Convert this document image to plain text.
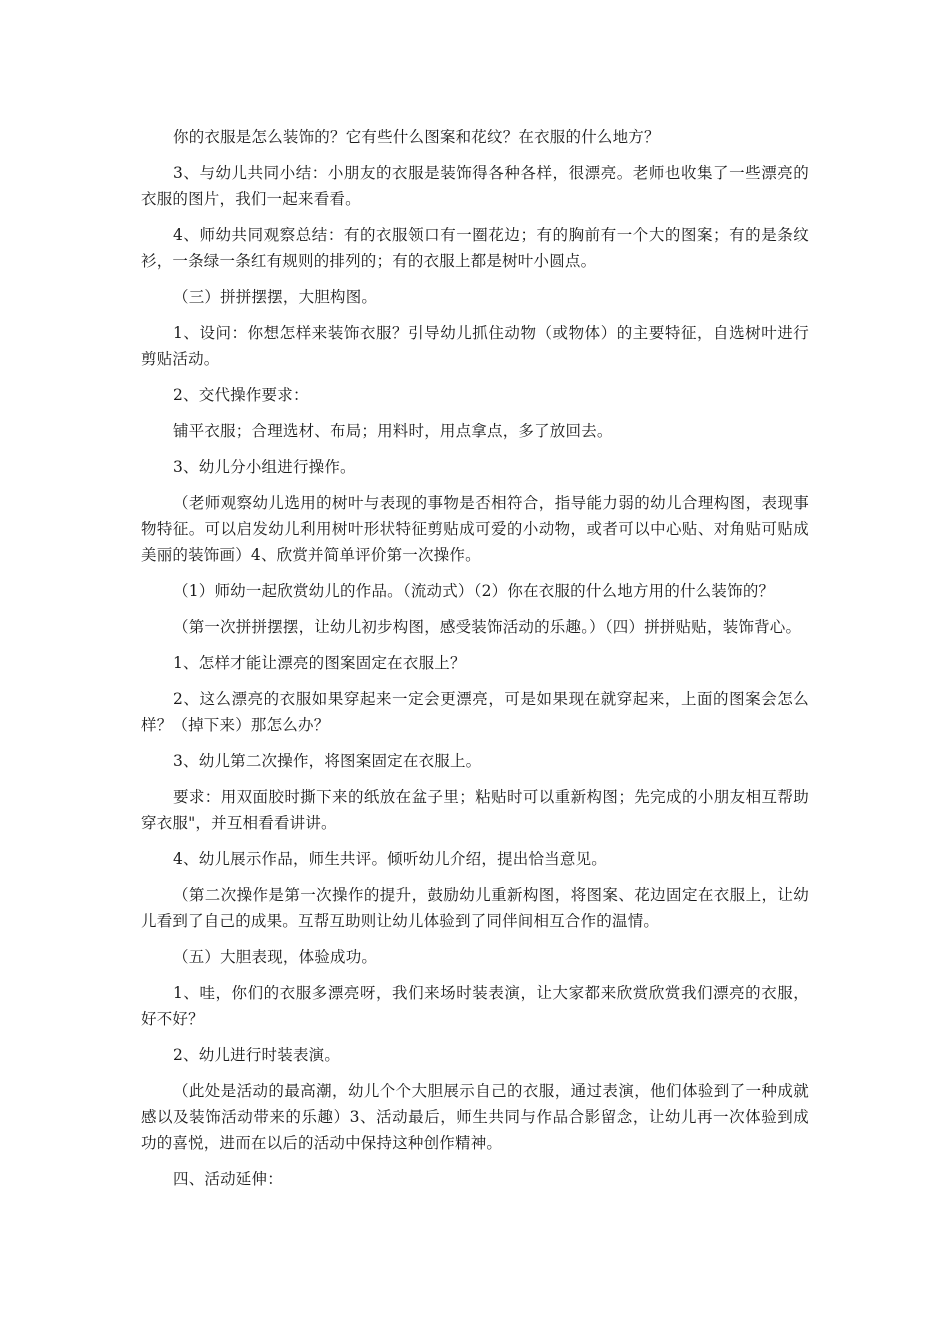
你的衣服是怎么装饰的？它有些什么图案和花纹？在衣服的什么地方？

3、与幼儿共同小结：小朋友的衣服是装饰得各种各样，很漂亮。老师也收集了一些漂亮的衣服的图片，我们一起来看看。

4、师幼共同观察总结：有的衣服领口有一圈花边；有的胸前有一个大的图案；有的是条纹衫，一条绿一条红有规则的排列的；有的衣服上都是树叶小圆点。

（三）拼拼摆摆，大胆构图。

1、设问：你想怎样来装饰衣服？引导幼儿抓住动物（或物体）的主要特征，自选树叶进行剪贴活动。

2、交代操作要求：

铺平衣服；合理选材、布局；用料时，用点拿点，多了放回去。

3、幼儿分小组进行操作。

（老师观察幼儿选用的树叶与表现的事物是否相符合，指导能力弱的幼儿合理构图，表现事物特征。可以启发幼儿利用树叶形状特征剪贴成可爱的小动物，或者可以中心贴、对角贴可贴成美丽的装饰画）4、欣赏并简单评价第一次操作。

（1）师幼一起欣赏幼儿的作品。（流动式）（2）你在衣服的什么地方用的什么装饰的？

（第一次拼拼摆摆，让幼儿初步构图，感受装饰活动的乐趣。）（四）拼拼贴贴，装饰背心。

1、怎样才能让漂亮的图案固定在衣服上？

2、这么漂亮的衣服如果穿起来一定会更漂亮，可是如果现在就穿起来，上面的图案会怎么样？（掉下来）那怎么办？

3、幼儿第二次操作，将图案固定在衣服上。

要求：用双面胶时撕下来的纸放在盆子里；粘贴时可以重新构图；先完成的小朋友相互帮助穿衣服"，并互相看看讲讲。

4、幼儿展示作品，师生共评。倾听幼儿介绍，提出恰当意见。

（第二次操作是第一次操作的提升，鼓励幼儿重新构图，将图案、花边固定在衣服上，让幼儿看到了自己的成果。互帮互助则让幼儿体验到了同伴间相互合作的温情。

（五）大胆表现，体验成功。

1、哇，你们的衣服多漂亮呀，我们来场时装表演，让大家都来欣赏欣赏我们漂亮的衣服，好不好？

2、幼儿进行时装表演。

（此处是活动的最高潮，幼儿个个大胆展示自己的衣服，通过表演，他们体验到了一种成就感以及装饰活动带来的乐趣）3、活动最后，师生共同与作品合影留念，让幼儿再一次体验到成功的喜悦，进而在以后的活动中保持这种创作精神。

四、活动延伸：
